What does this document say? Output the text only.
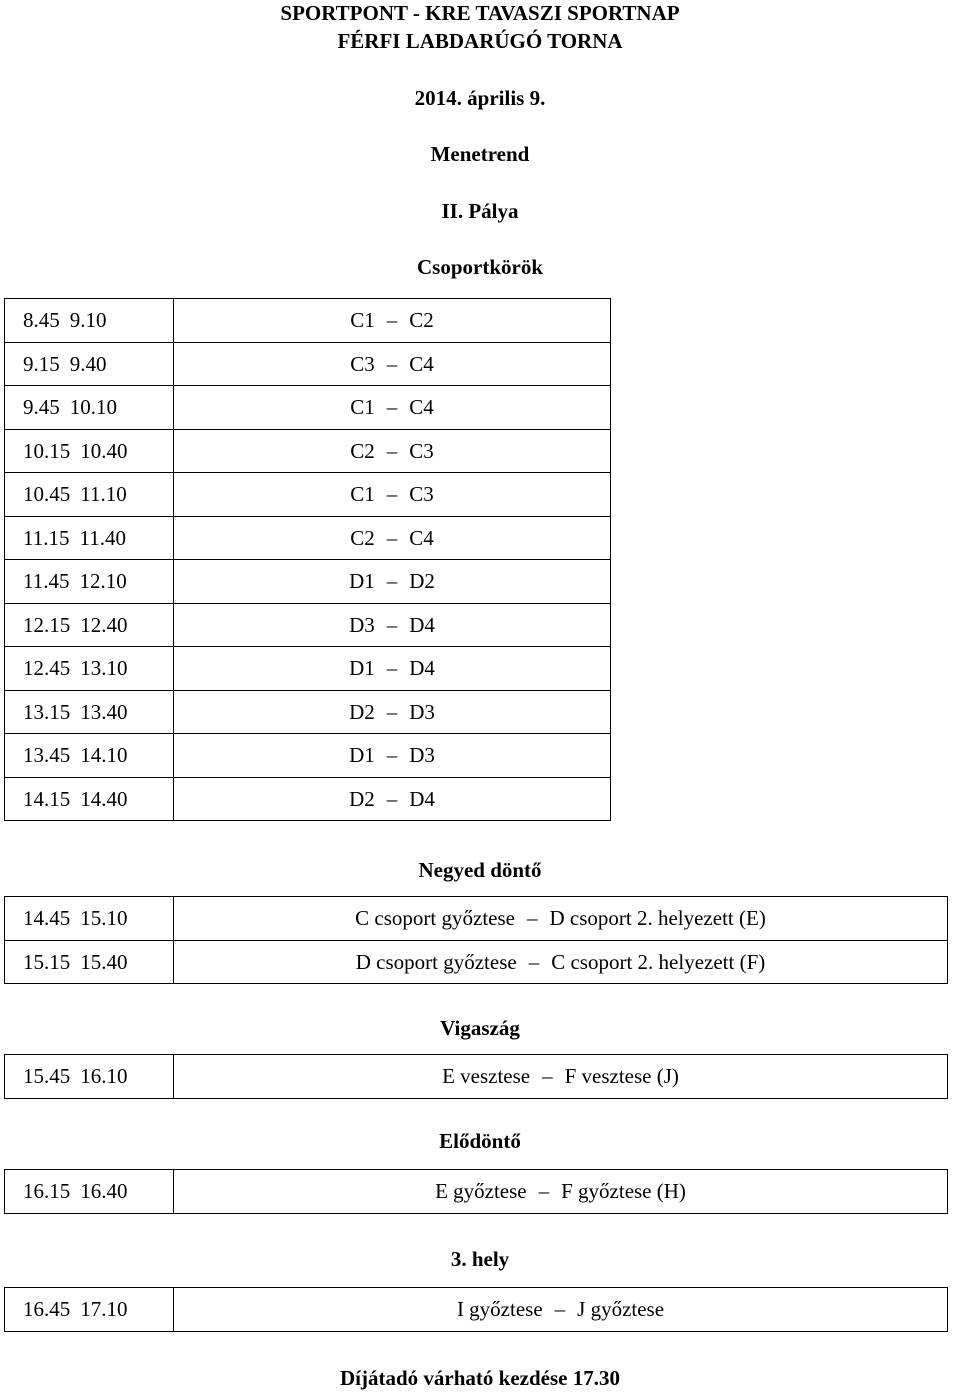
SPORTPONT - KRE TAVASZI SPORTNAP
FÉRFI LABDARÚGÓ TORNA
2014. április 9.
Menetrend
II. Pálya
Csoportkörök
8.45 9.10	C1 – C2
9.15 9.40	C3 – C4
9.45 10.10	C1 – C4
10.15 10.40	C2 – C3
10.45 11.10	C1 – C3
11.15 11.40	C2 – C4
11.45 12.10	D1 – D2
12.15 12.40	D3 – D4
12.45 13.10	D1 – D4
13.15 13.40	D2 – D3
13.45 14.10	D1 – D3
14.15 14.40	D2 – D4
Negyed döntő
14.45 15.10	C csoport győztese – D csoport 2. helyezett (E)
15.15 15.40	D csoport győztese – C csoport 2. helyezett (F)
Vigaszág
15.45 16.10	E vesztese – F vesztese (J)
Elődöntő
16.15 16.40	E győztese – F győztese (H)
3. hely
16.45 17.10	I győztese – J győztese
Díjátadó várható kezdése 17.30
